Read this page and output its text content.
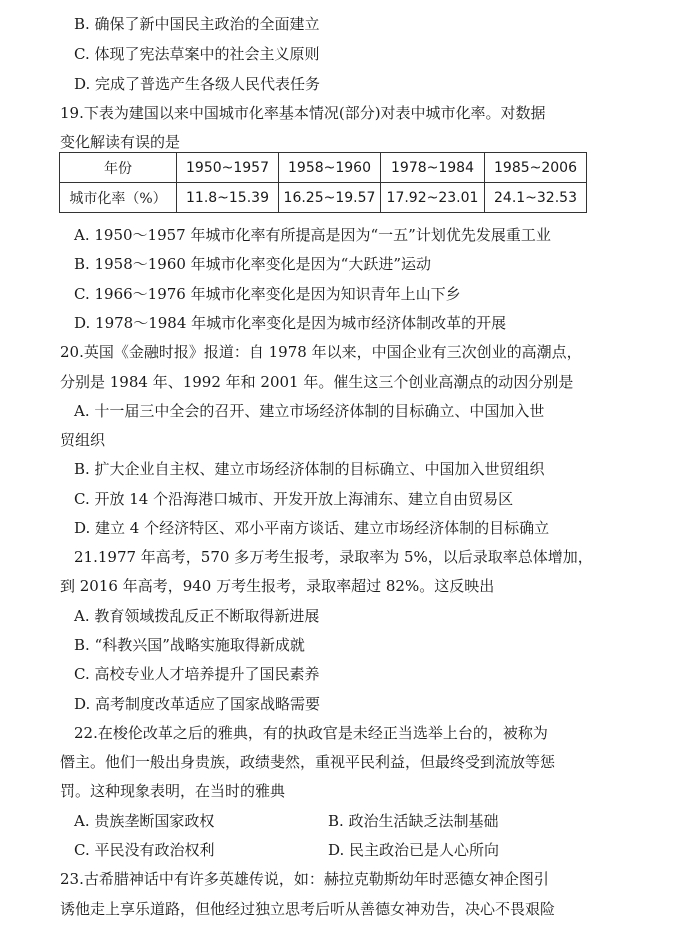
B. 确保了新中国民主政治的全面建立
C. 体现了宪法草案中的社会主义原则
D. 完成了普选产生各级人民代表任务
19.下表为建国以来中国城市化率基本情况(部分)对表中城市化率。对数据
变化解读有误的是
年份	1950~1957	1958~1960	1978~1984	1985~2006
城市化率（%）	11.8~15.39	16.25~19.57	17.92~23.01	24.1~32.53
A. 1950～1957 年城市化率有所提高是因为“一五”计划优先发展重工业
B. 1958～1960 年城市化率变化是因为“大跃进”运动
C. 1966～1976 年城市化率变化是因为知识青年上山下乡
D. 1978～1984 年城市化率变化是因为城市经济体制改革的开展
20.英国《金融时报》报道：自 1978 年以来，中国企业有三次创业的高潮点，
分别是 1984 年、1992 年和 2001 年。催生这三个创业高潮点的动因分别是
A. 十一届三中全会的召开、建立市场经济体制的目标确立、中国加入世
贸组织
B. 扩大企业自主权、建立市场经济体制的目标确立、中国加入世贸组织
C. 开放 14 个沿海港口城市、开发开放上海浦东、建立自由贸易区
D. 建立 4 个经济特区、邓小平南方谈话、建立市场经济体制的目标确立
21.1977 年高考，570 多万考生报考，录取率为 5%，以后录取率总体增加，
到 2016 年高考，940 万考生报考，录取率超过 82%。这反映出
A. 教育领域拨乱反正不断取得新进展
B. “科教兴国”战略实施取得新成就
C. 高校专业人才培养提升了国民素养
D. 高考制度改革适应了国家战略需要
22.在梭伦改革之后的雅典，有的执政官是未经正当选举上台的，被称为
僭主。他们一般出身贵族，政绩斐然，重视平民利益，但最终受到流放等惩
罚。这种现象表明，在当时的雅典
A. 贵族垄断国家政权	B. 政治生活缺乏法制基础
C. 平民没有政治权利	D. 民主政治已是人心所向
23.古希腊神话中有许多英雄传说，如：赫拉克勒斯幼年时恶德女神企图引
诱他走上享乐道路，但他经过独立思考后听从善德女神劝告，决心不畏艰险
